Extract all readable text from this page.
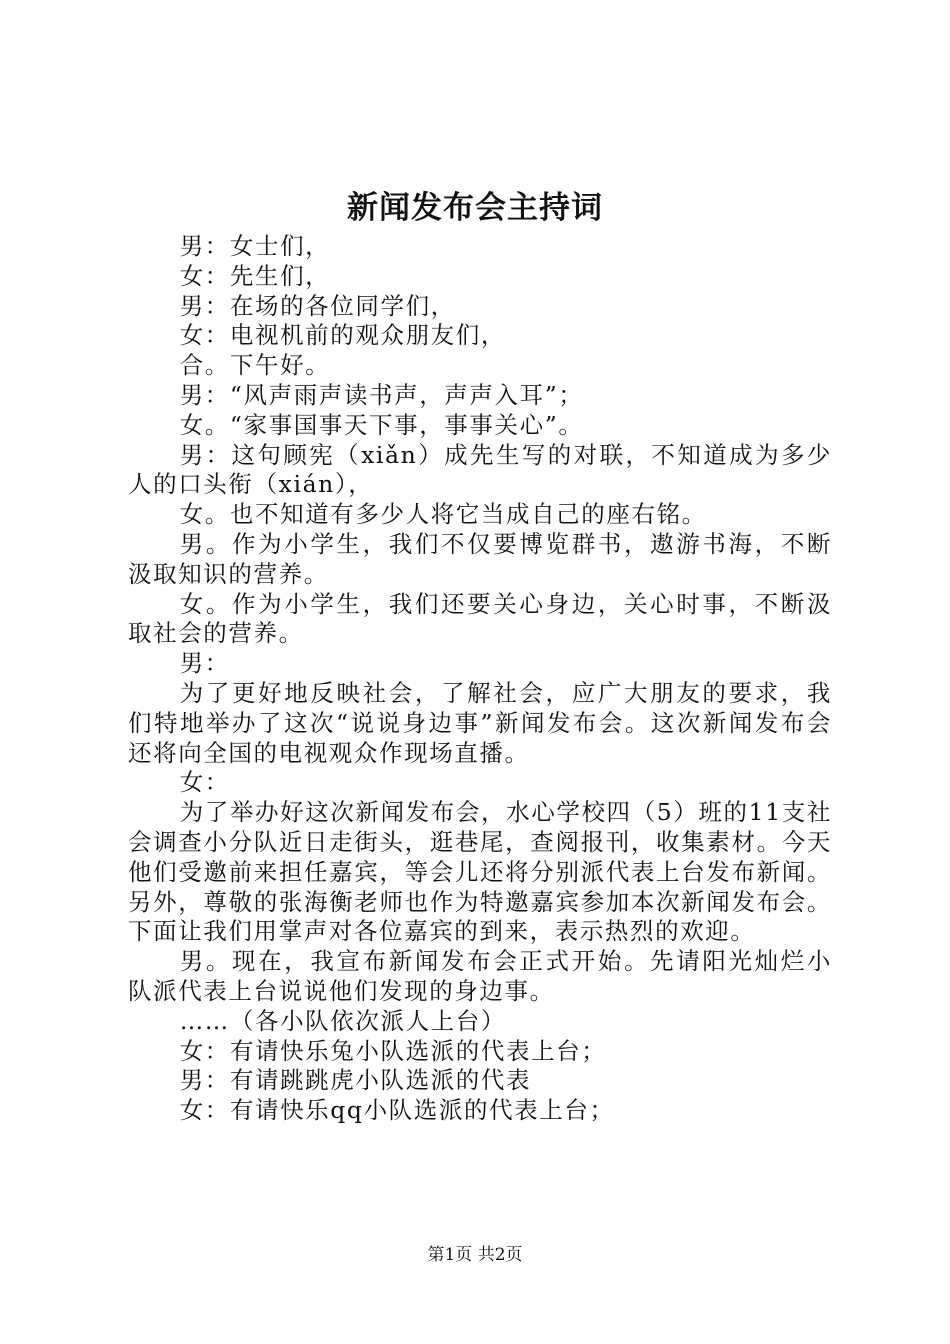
新闻发布会主持词

男：女士们，

女：先生们，

男：在场的各位同学们，

女：电视机前的观众朋友们，

合。下午好。

男：“风声雨声读书声，声声入耳”；

女。“家事国事天下事，事事关心”。

男：这句顾宪（xiǎn）成先生写的对联，不知道成为多少人的口头衔（xián），

女。也不知道有多少人将它当成自己的座右铭。

男。作为小学生，我们不仅要博览群书，遨游书海，不断汲取知识的营养。

女。作为小学生，我们还要关心身边，关心时事，不断汲取社会的营养。

男：

为了更好地反映社会，了解社会，应广大朋友的要求，我们特地举办了这次“说说身边事”新闻发布会。这次新闻发布会还将向全国的电视观众作现场直播。

女：

为了举办好这次新闻发布会，水心学校四（5）班的11支社会调查小分队近日走街头，逛巷尾，查阅报刊，收集素材。今天他们受邀前来担任嘉宾，等会儿还将分别派代表上台发布新闻。另外，尊敬的张海衡老师也作为特邀嘉宾参加本次新闻发布会。下面让我们用掌声对各位嘉宾的到来，表示热烈的欢迎。

男。现在，我宣布新闻发布会正式开始。先请阳光灿烂小队派代表上台说说他们发现的身边事。

……（各小队依次派人上台）

女：有请快乐兔小队选派的代表上台；

男：有请跳跳虎小队选派的代表

女：有请快乐qq小队选派的代表上台；

第1页 共2页
